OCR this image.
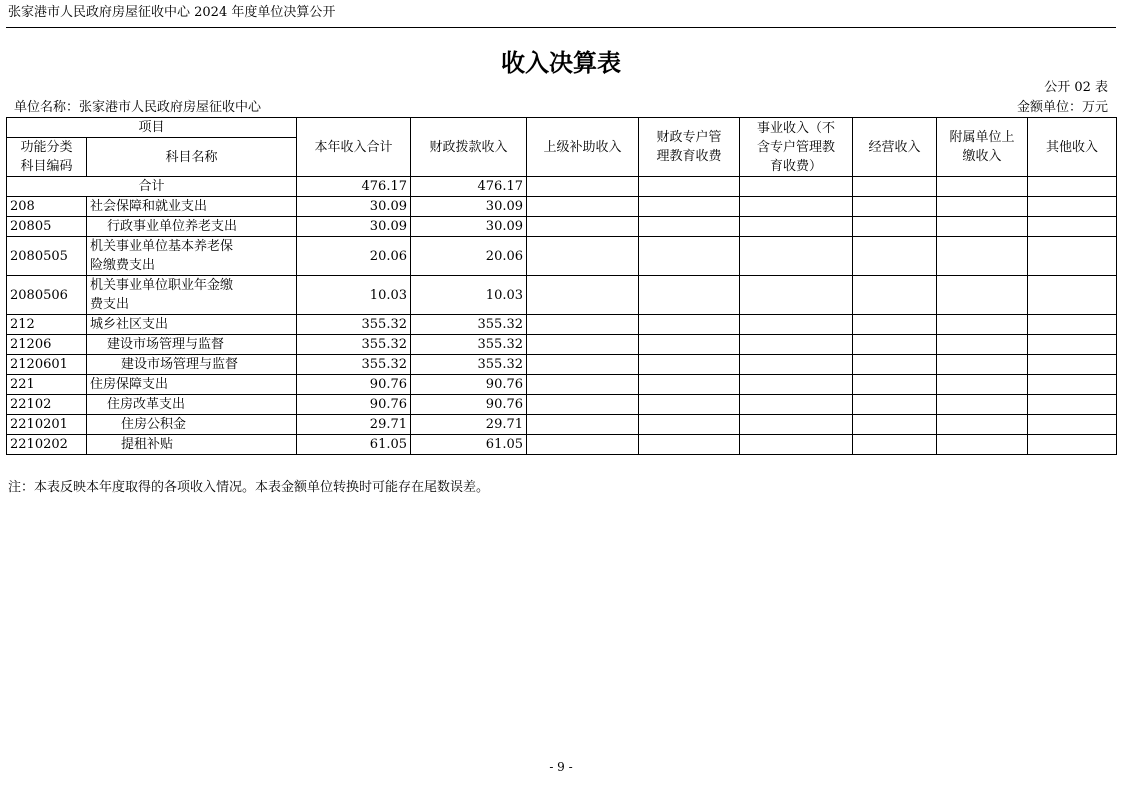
张家港市人民政府房屋征收中心 2024 年度单位决算公开
收入决算表
公开 02 表
单位名称：张家港市人民政府房屋征收中心	金额单位：万元
项目		本年收入合计	财政拨款收入	上级补助收入	财政专户管
理教育收费	事业收入（不
含专户管理教
育收费）	经营收入	附属单位上
缴收入	其他收入
功能分类
科目编码	科目名称								
合计		476.17	476.17						
208	社会保障和就业支出	30.09	30.09						
20805	行政事业单位养老支出	30.09	30.09						
2080505	机关事业单位基本养老保
险缴费支出	20.06	20.06						
2080506	机关事业单位职业年金缴
费支出	10.03	10.03						
212	城乡社区支出	355.32	355.32						
21206	建设市场管理与监督	355.32	355.32						
2120601	建设市场管理与监督	355.32	355.32						
221	住房保障支出	90.76	90.76						
22102	住房改革支出	90.76	90.76						
2210201	住房公积金	29.71	29.71						
2210202	提租补贴	61.05	61.05						
注：本表反映本年度取得的各项收入情况。本表金额单位转换时可能存在尾数误差。
- 9 -
